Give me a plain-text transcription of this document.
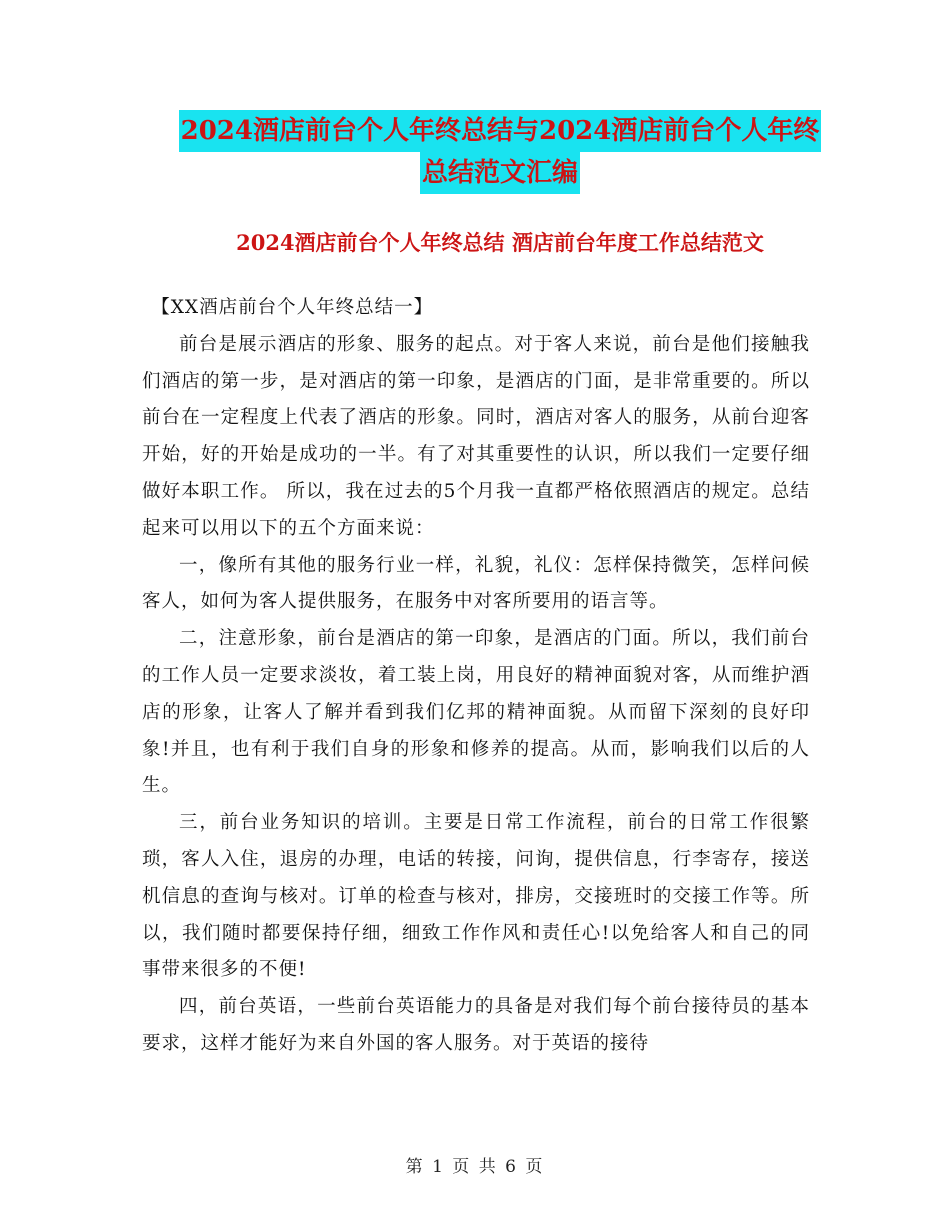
2024酒店前台个人年终总结与2024酒店前台个人年终
总结范文汇编
2024酒店前台个人年终总结 酒店前台年度工作总结范文

【XX酒店前台个人年终总结一】

前台是展示酒店的形象、服务的起点。对于客人来说，前台是他们接触我们酒店的第一步，是对酒店的第一印象，是酒店的门面，是非常重要的。所以前台在一定程度上代表了酒店的形象。同时，酒店对客人的服务，从前台迎客开始，好的开始是成功的一半。有了对其重要性的认识，所以我们一定要仔细做好本职工作。 所以，我在过去的5个月我一直都严格依照酒店的规定。总结起来可以用以下的五个方面来说：

一，像所有其他的服务行业一样，礼貌，礼仪：怎样保持微笑，怎样问候客人，如何为客人提供服务，在服务中对客所要用的语言等。

二，注意形象，前台是酒店的第一印象，是酒店的门面。所以，我们前台的工作人员一定要求淡妆，着工装上岗，用良好的精神面貌对客，从而维护酒店的形象，让客人了解并看到我们亿邦的精神面貌。从而留下深刻的良好印象!并且，也有利于我们自身的形象和修养的提高。从而，影响我们以后的人生。

三，前台业务知识的培训。主要是日常工作流程，前台的日常工作很繁琐，客人入住，退房的办理，电话的转接，问询，提供信息，行李寄存，接送机信息的查询与核对。订单的检查与核对，排房，交接班时的交接工作等。所以，我们随时都要保持仔细，细致工作作风和责任心!以免给客人和自己的同事带来很多的不便!

四，前台英语，一些前台英语能力的具备是对我们每个前台接待员的基本要求，这样才能好为来自外国的客人服务。对于英语的接待

第 1 页 共 6 页
